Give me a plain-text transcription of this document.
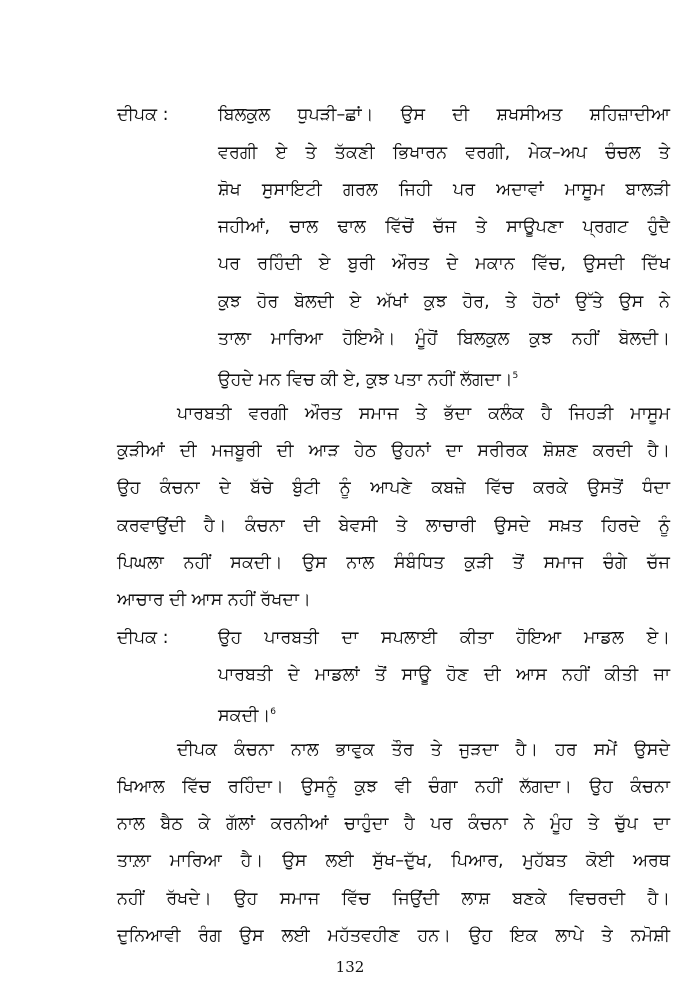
ਦੀਪਕ :	ਬਿਲਕੁਲ ਧੁਪੜੀ–ਛਾਂ। ਉਸ ਦੀ ਸ਼ਖਸੀਅਤ ਸ਼ਹਿਜ਼ਾਦੀਆ
ਵਰਗੀ ਏ ਤੇ ਤੱਕਣੀ ਭਿਖਾਰਨ ਵਰਗੀ, ਮੇਕ–ਅਪ ਚੰਚਲ ਤੇ
ਸ਼ੋਖ ਸੁਸਾਇਟੀ ਗਰਲ ਜਿਹੀ ਪਰ ਅਦਾਵਾਂ ਮਾਸੂਮ ਬਾਲੜੀ
ਜਹੀਆਂ, ਚਾਲ ਢਾਲ ਵਿੱਚੋਂ ਚੱਜ ਤੇ ਸਾਊਪਣਾ ਪ੍ਰਗਟ ਹੁੰਦੈ
ਪਰ ਰਹਿੰਦੀ ਏ ਬੁਰੀ ਔਰਤ ਦੇ ਮਕਾਨ ਵਿੱਚ, ਉਸਦੀ ਦਿੱਖ
ਕੁਝ ਹੋਰ ਬੋਲਦੀ ਏ ਅੱਖਾਂ ਕੁਝ ਹੋਰ, ਤੇ ਹੋਠਾਂ ਉੱਤੇ ਉਸ ਨੇ
ਤਾਲਾ ਮਾਰਿਆ ਹੋਇਐ। ਮੂੰਹੋਂ ਬਿਲਕੁਲ ਕੁਝ ਨਹੀਂ ਬੋਲਦੀ।
ਉਹਦੇ ਮਨ ਵਿਚ ਕੀ ਏ, ਕੁਝ ਪਤਾ ਨਹੀਂ ਲੱਗਦਾ।$^5$
ਪਾਰਬਤੀ ਵਰਗੀ ਔਰਤ ਸਮਾਜ ਤੇ ਭੱਦਾ ਕਲੰਕ ਹੈ ਜਿਹੜੀ ਮਾਸੂਮ
ਕੁੜੀਆਂ ਦੀ ਮਜਬੂਰੀ ਦੀ ਆੜ ਹੇਠ ਉਹਨਾਂ ਦਾ ਸਰੀਰਕ ਸ਼ੋਸ਼ਣ ਕਰਦੀ ਹੈ।
ਉਹ ਕੰਚਨਾ ਦੇ ਬੱਚੇ ਬੁੰਟੀ ਨੂੰ ਆਪਣੇ ਕਬਜ਼ੇ ਵਿੱਚ ਕਰਕੇ ਉਸਤੋਂ ਧੰਦਾ
ਕਰਵਾਉਂਦੀ ਹੈ। ਕੰਚਨਾ ਦੀ ਬੇਵਸੀ ਤੇ ਲਾਚਾਰੀ ਉਸਦੇ ਸਖ਼ਤ ਹਿਰਦੇ ਨੂੰ
ਪਿਘਲਾ ਨਹੀਂ ਸਕਦੀ। ਉਸ ਨਾਲ ਸੰਬੰਧਿਤ ਕੁੜੀ ਤੋਂ ਸਮਾਜ ਚੰਗੇ ਚੱਜ
ਆਚਾਰ ਦੀ ਆਸ ਨਹੀਂ ਰੱਖਦਾ।
ਦੀਪਕ :	ਉਹ ਪਾਰਬਤੀ ਦਾ ਸਪਲਾਈ ਕੀਤਾ ਹੋਇਆ ਮਾਡਲ ਏ।
ਪਾਰਬਤੀ ਦੇ ਮਾਡਲਾਂ ਤੋਂ ਸਾਊ ਹੋਣ ਦੀ ਆਸ ਨਹੀਂ ਕੀਤੀ ਜਾ
ਸਕਦੀ।$^6$
ਦੀਪਕ ਕੰਚਨਾ ਨਾਲ ਭਾਵੁਕ ਤੌਰ ਤੇ ਜੁੜਦਾ ਹੈ। ਹਰ ਸਮੇਂ ਉਸਦੇ
ਖਿਆਲ ਵਿੱਚ ਰਹਿੰਦਾ। ਉਸਨੂੰ ਕੁਝ ਵੀ ਚੰਗਾ ਨਹੀਂ ਲੱਗਦਾ। ਉਹ ਕੰਚਨਾ
ਨਾਲ ਬੈਠ ਕੇ ਗੱਲਾਂ ਕਰਨੀਆਂ ਚਾਹੁੰਦਾ ਹੈ ਪਰ ਕੰਚਨਾ ਨੇ ਮੂੰਹ ਤੇ ਚੁੱਪ ਦਾ
ਤਾਲ਼ਾ ਮਾਰਿਆ ਹੈ। ਉਸ ਲਈ ਸੁੱਖ–ਦੁੱਖ, ਪਿਆਰ, ਮੁਹੱਬਤ ਕੋਈ ਅਰਥ
ਨਹੀਂ ਰੱਖਦੇ। ਉਹ ਸਮਾਜ ਵਿੱਚ ਜਿਉਂਦੀ ਲਾਸ਼ ਬਣਕੇ ਵਿਚਰਦੀ ਹੈ।
ਦੁਨਿਆਵੀ ਰੰਗ ਉਸ ਲਈ ਮਹੱਤਵਹੀਣ ਹਨ। ਉਹ ਇਕ ਲਾਪੇ ਤੇ ਨਮੋਸ਼ੀ
132
